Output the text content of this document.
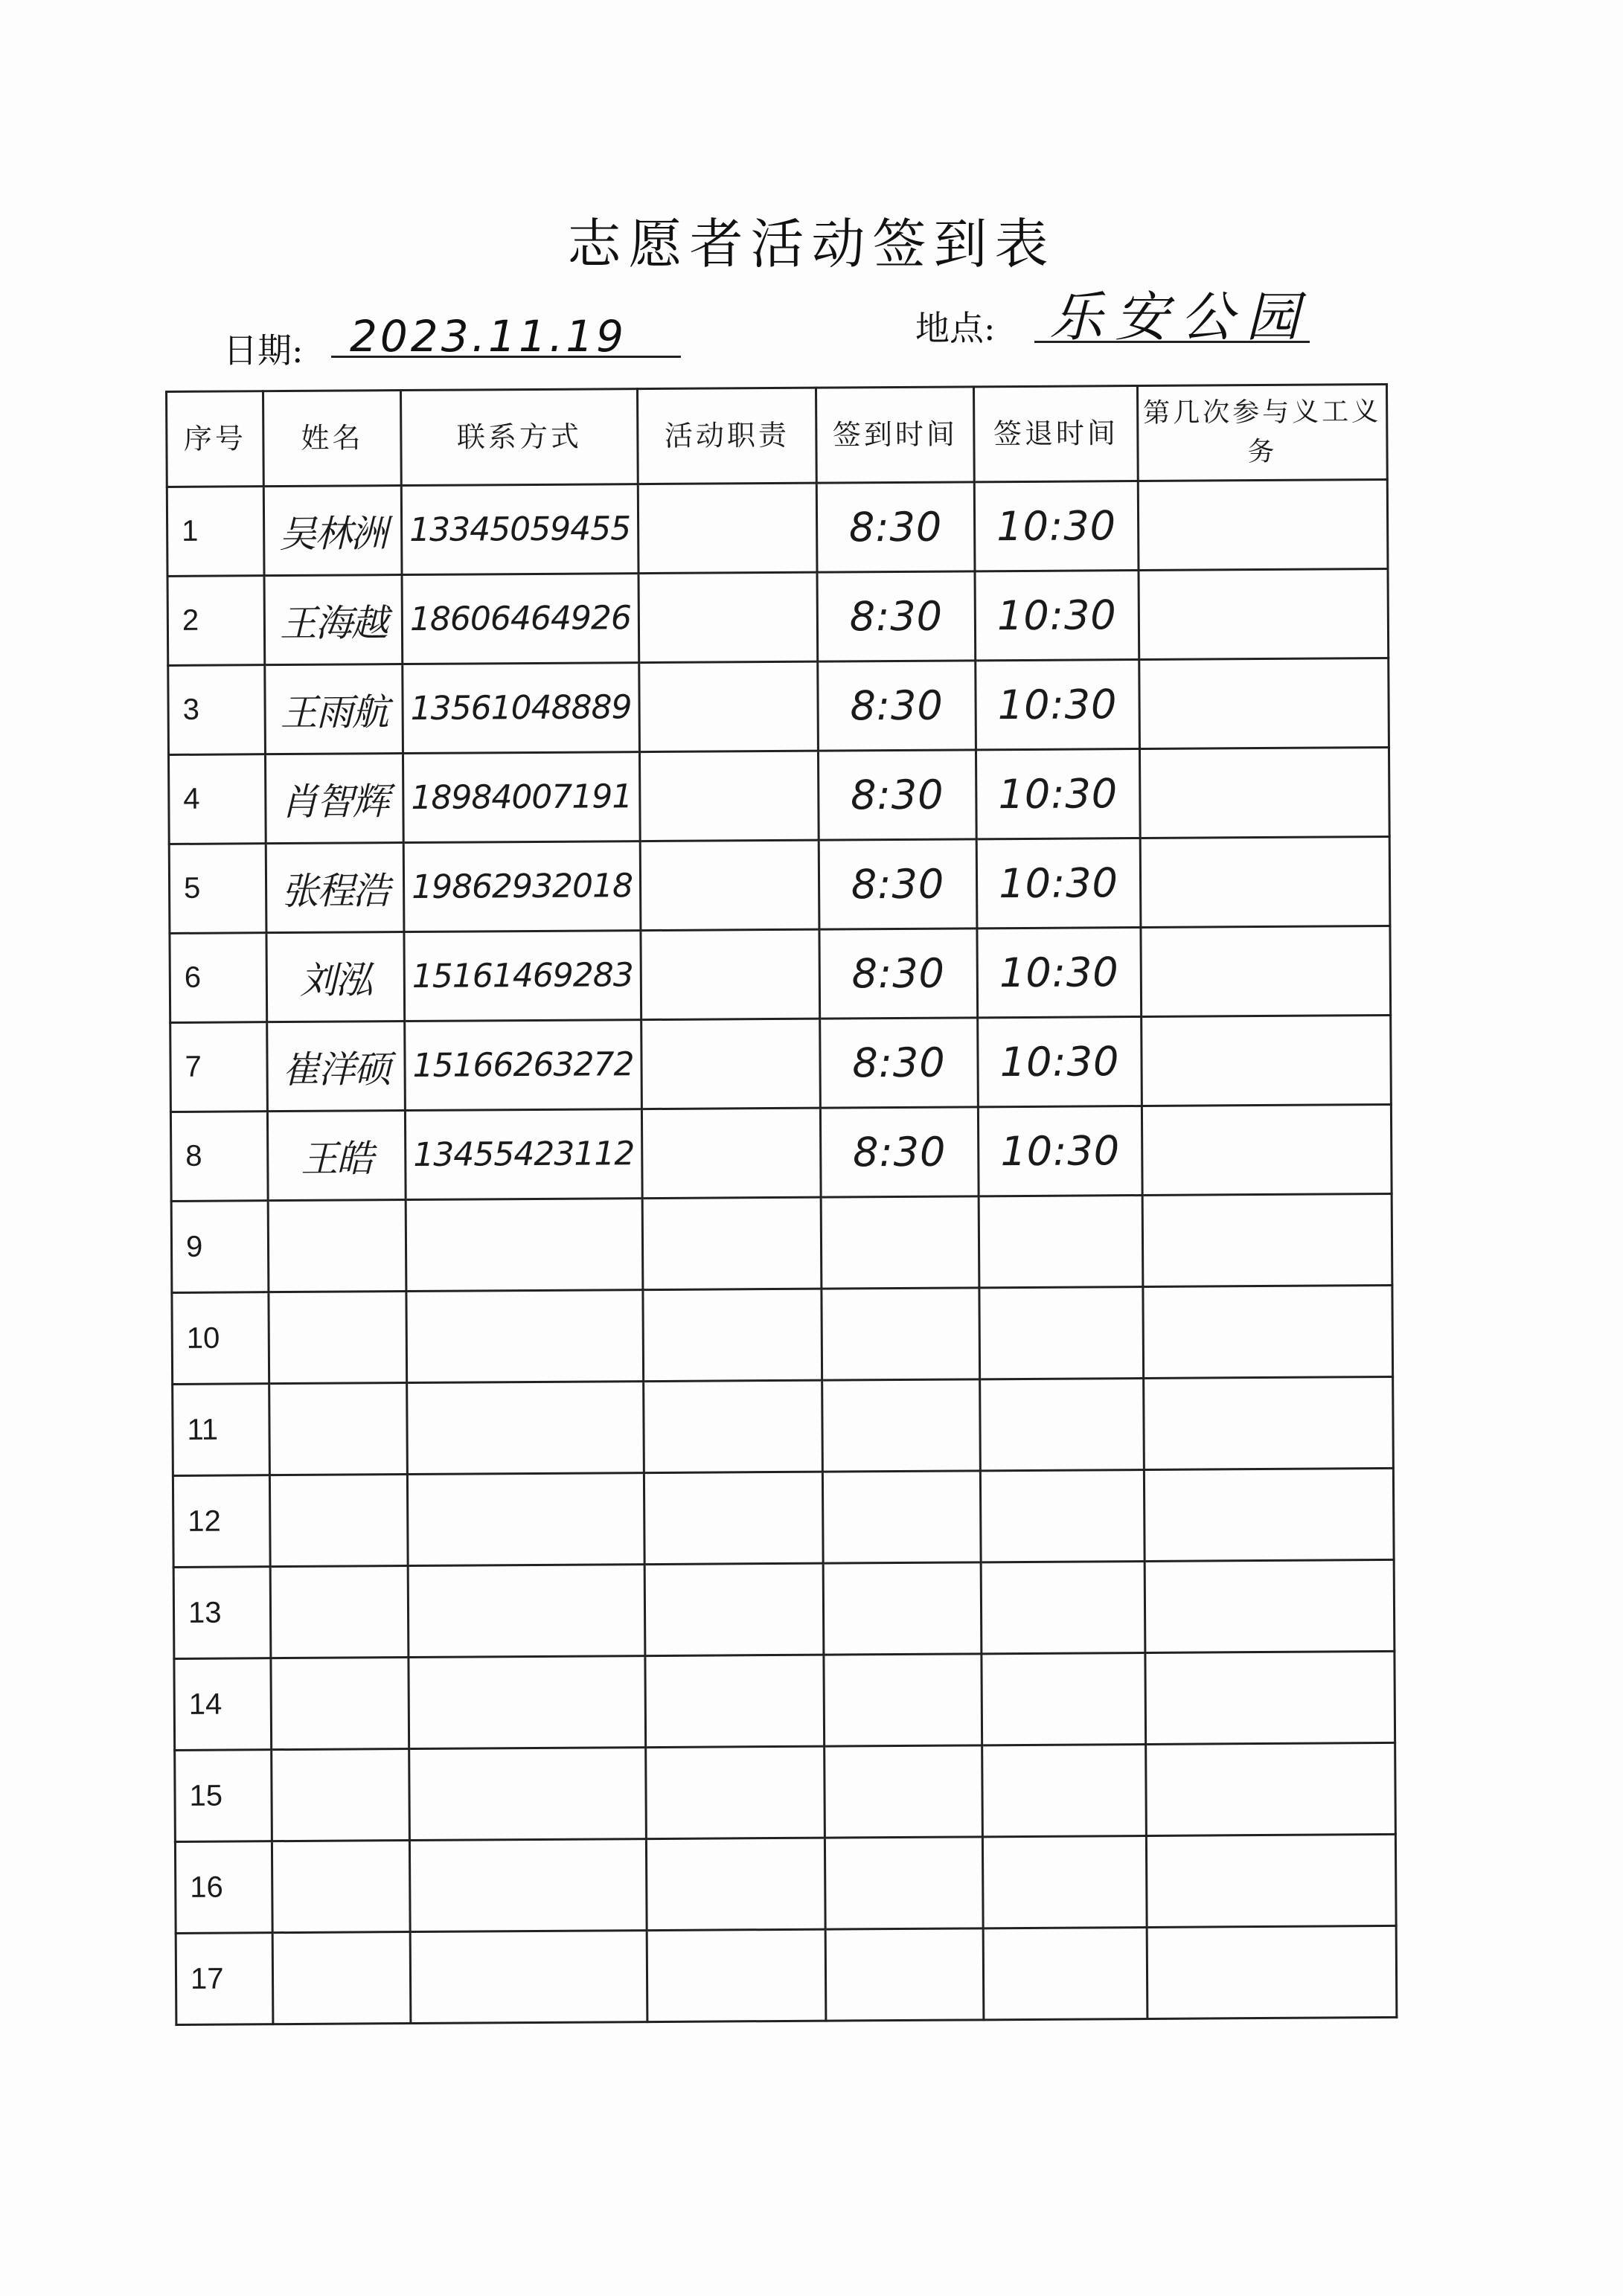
志愿者活动签到表
日期: 2023.11.19	地点: 乐安公园
序号	姓名	联系方式	活动职责	签到时间	签退时间	第几次参与义工义务
1	吴林洲	13345059455		8:30	10:30	
2	王海越	18606464926		8:30	10:30	
3	王雨航	13561048889		8:30	10:30	
4	肖智辉	18984007191		8:30	10:30	
5	张程浩	19862932018		8:30	10:30	
6	刘泓	15161469283		8:30	10:30	
7	崔洋硕	15166263272		8:30	10:30	
8	王皓	13455423112		8:30	10:30	
9						
10						
11						
12						
13						
14						
15						
16						
17						
